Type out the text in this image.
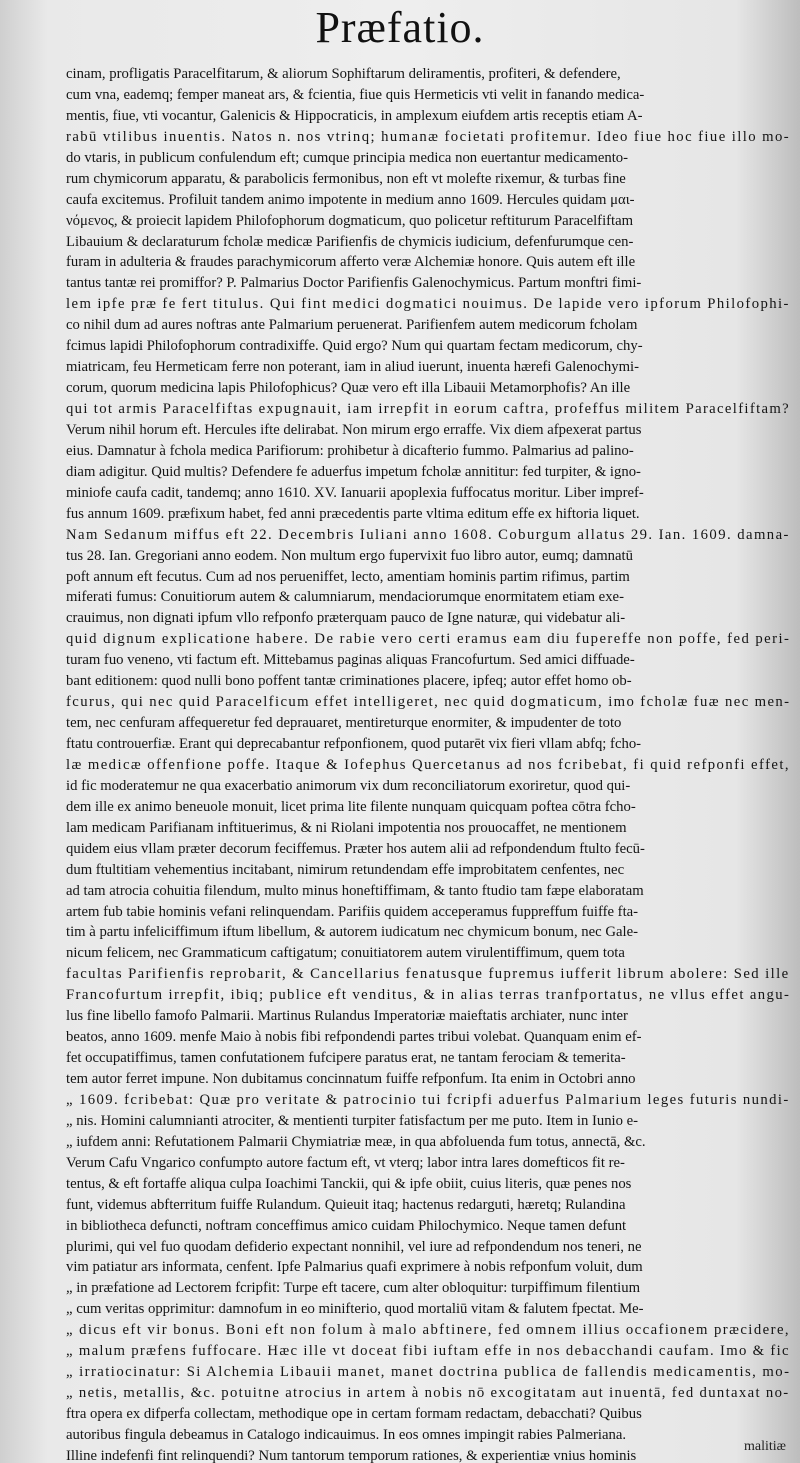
Præfatio.
cinam, profligatis Paracelfitarum, & aliorum Sophiftarum deliramentis, profiteri, & defendere,
cum vna, eademq; femper maneat ars, & fcientia, fiue quis Hermeticis vti velit in fanando medica-
mentis, fiue, vti vocantur, Galenicis & Hippocraticis, in amplexum eiufdem artis receptis etiam A-
rabū vtilibus inuentis. Natos n. nos vtrinq; humanæ focietati profitemur. Ideo fiue hoc fiue illo mo-
do vtaris, in publicum confulendum eft; cumque principia medica non euertantur medicamento-
rum chymicorum apparatu, & parabolicis fermonibus, non eft vt molefte rixemur, & turbas fine
caufa excitemus. Profiluit tandem animo impotente in medium anno 1609. Hercules quidam μαι-
νόμενος, & proiecit lapidem Philofophorum dogmaticum, quo policetur reftiturum Paracelfiftam
Libauium & declaraturum fcholæ medicæ Parifienfis de chymicis iudicium, defenfurumque cen-
furam in adulteria & fraudes parachymicorum afferto veræ Alchemiæ honore. Quis autem eft ille
tantus tantæ rei promiffor? P. Palmarius Doctor Parifienfis Galenochymicus. Partum monftri fimi-
lem ipfe præ fe fert titulus. Qui fint medici dogmatici nouimus. De lapide vero ipforum Philofophi-
co nihil dum ad aures noftras ante Palmarium peruenerat. Parifienfem autem medicorum fcholam
fcimus lapidi Philofophorum contradixiffe. Quid ergo? Num qui quartam fectam medicorum, chy-
miatricam, feu Hermeticam ferre non poterant, iam in aliud iuerunt, inuenta hærefi Galenochymi-
corum, quorum medicina lapis Philofophicus? Quæ vero eft illa Libauii Metamorphofis? An ille
qui tot armis Paracelfiftas expugnauit, iam irrepfit in eorum caftra, profeffus militem Paracelfiftam?
Verum nihil horum eft. Hercules ifte delirabat. Non mirum ergo erraffe. Vix diem afpexerat partus
eius. Damnatur à fchola medica Parifiorum: prohibetur à dicafterio fummo. Palmarius ad palino-
diam adigitur. Quid multis? Defendere fe aduerfus impetum fcholæ annititur: fed turpiter, & igno-
miniofe caufa cadit, tandemq; anno 1610. XV. Ianuarii apoplexia fuffocatus moritur. Liber impref-
fus annum 1609. præfixum habet, fed anni præcedentis parte vltima editum effe ex hiftoria liquet.
Nam Sedanum miffus eft 22. Decembris Iuliani anno 1608. Coburgum allatus 29. Ian. 1609. damna-
tus 28. Ian. Gregoriani anno eodem. Non multum ergo fupervixit fuo libro autor, eumq; damnatū
poft annum eft fecutus. Cum ad nos perueniffet, lecto, amentiam hominis partim rifimus, partim
miferati fumus: Conuitiorum autem & calumniarum, mendaciorumque enormitatem etiam exe-
crauimus, non dignati ipfum vllo refponfo præterquam pauco de Igne naturæ, qui videbatur ali-
quid dignum explicatione habere. De rabie vero certi eramus eam diu fupereffe non poffe, fed peri-
turam fuo veneno, vti factum eft. Mittebamus paginas aliquas Francofurtum. Sed amici diffuade-
bant editionem: quod nulli bono poffent tantæ criminationes placere, ipfeq; autor effet homo ob-
fcurus, qui nec quid Paracelficum effet intelligeret, nec quid dogmaticum, imo fcholæ fuæ nec men-
tem, nec cenfuram affequeretur fed deprauaret, mentireturque enormiter, & impudenter de toto
ftatu controuerfiæ. Erant qui deprecabantur refponfionem, quod putarēt vix fieri vllam abfq; fcho-
læ medicæ offenfione poffe. Itaque & Iofephus Quercetanus ad nos fcribebat, fi quid refponfi effet,
id fic moderatemur ne qua exacerbatio animorum vix dum reconciliatorum exoriretur, quod qui-
dem ille ex animo beneuole monuit, licet prima lite filente nunquam quicquam poftea cōtra fcho-
lam medicam Parifianam inftituerimus, & ni Riolani impotentia nos prouocaffet, ne mentionem
quidem eius vllam præter decorum feciffemus. Præter hos autem alii ad refpondendum ftulto fecū-
dum ftultitiam vehementius incitabant, nimirum retundendam effe improbitatem cenfentes, nec
ad tam atrocia cohuitia filendum, multo minus honeftiffimam, & tanto ftudio tam fæpe elaboratam
artem fub tabie hominis vefani relinquendam. Parifiis quidem acceperamus fuppreffum fuiffe fta-
tim à partu infeliciffimum iftum libellum, & autorem iudicatum nec chymicum bonum, nec Gale-
nicum felicem, nec Grammaticum caftigatum; conuitiatorem autem virulentiffimum, quem tota
facultas Parifienfis reprobarit, & Cancellarius fenatusque fupremus iufferit librum abolere: Sed ille
Francofurtum irrepfit, ibiq; publice eft venditus, & in alias terras tranfportatus, ne vllus effet angu-
lus fine libello famofo Palmarii. Martinus Rulandus Imperatoriæ maieftatis archiater, nunc inter
beatos, anno 1609. menfe Maio à nobis fibi refpondendi partes tribui volebat. Quanquam enim ef-
fet occupatiffimus, tamen confutationem fufcipere paratus erat, ne tantam ferociam & temerita-
tem autor ferret impune. Non dubitamus concinnatum fuiffe refponfum. Ita enim in Octobri anno
„ 1609. fcribebat: Quæ pro veritate & patrocinio tui fcripfi aduerfus Palmarium leges futuris nundi-
„ nis. Homini calumnianti atrociter, & mentienti turpiter fatisfactum per me puto. Item in Iunio e-
„ iufdem anni: Refutationem Palmarii Chymiatriæ meæ, in qua abfoluenda fum totus, annectā, &c.
Verum Cafu Vngarico confumpto autore factum eft, vt vterq; labor intra lares domefticos fit re-
tentus, & eft fortaffe aliqua culpa Ioachimi Tanckii, qui & ipfe obiit, cuius literis, quæ penes nos
funt, videmus abfterritum fuiffe Rulandum. Quieuit itaq; hactenus redarguti, hæretq; Rulandina
in bibliotheca defuncti, noftram conceffimus amico cuidam Philochymico. Neque tamen defunt
plurimi, qui vel fuo quodam defiderio expectant nonnihil, vel iure ad refpondendum nos teneri, ne
vim patiatur ars informata, cenfent. Ipfe Palmarius quafi exprimere à nobis refponfum voluit, dum
„ in præfatione ad Lectorem fcripfit: Turpe eft tacere, cum alter obloquitur: turpiffimum filentium
„ cum veritas opprimitur: damnofum in eo minifterio, quod mortaliū vitam & falutem fpectat. Me-
„ dicus eft vir bonus. Boni eft non folum à malo abftinere, fed omnem illius occafionem præcidere,
„ malum præfens fuffocare. Hæc ille vt doceat fibi iuftam effe in nos debacchandi caufam. Imo & fic
„ irratiocinatur: Si Alchemia Libauii manet, manet doctrina publica de fallendis medicamentis, mo-
„ netis, metallis, &c. potuitne atrocius in artem à nobis nō excogitatam aut inuentā, fed duntaxat no-
ftra opera ex difperfa collectam, methodique ope in certam formam redactam, debacchati? Quibus
autoribus fingula debeamus in Catalogo indicauimus. In eos omnes impingit rabies Palmeriana.
Illine indefenfi fint relinquendi? Num tantorum temporum rationes, & experientiæ vnius hominis
malitiæ
